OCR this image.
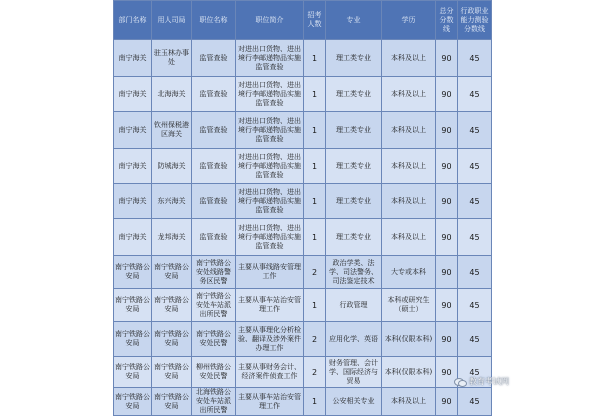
部门名称	用人司局	职位名称	职位简介	招考人数	专业	学历	总分分数线	行政职业能力测验分数线
南宁海关	驻玉林办事处	监管查验	对进出口货物、进出境行李邮递物品实施监管查验	1	理工类专业	本科及以上	90	45
南宁海关	北海海关	监管查验	对进出口货物、进出境行李邮递物品实施监管查验	1	理工类专业	本科及以上	90	45
南宁海关	钦州保税港区海关	监管查验	对进出口货物、进出境行李邮递物品实施监管查验	1	理工类专业	本科及以上	90	45
南宁海关	防城海关	监管查验	对进出口货物、进出境行李邮递物品实施监管查验	1	理工类专业	本科及以上	90	45
南宁海关	东兴海关	监管查验	对进出口货物、进出境行李邮递物品实施监管查验	1	理工类专业	本科及以上	90	45
南宁海关	龙邦海关	监管查验	对进出口货物、进出境行李邮递物品实施监管查验	1	理工类专业	本科及以上	90	45
南宁铁路公安局	南宁铁路公安局	南宁铁路公安处线路警务区民警	主要从事线路安管理工作	2	政治学类、法学、司法警务、司法鉴定技术	大专或本科	90	45
南宁铁路公安局	南宁铁路公安局	南宁铁路公安处车站派出所民警	主要从事车站治安管理工作	1	行政管理	本科或研究生（硕士）	90	45
南宁铁路公安局	南宁铁路公安局	南宁铁路公安处民警	主要从事理化分析检验、翻译及涉外案件办理工作	2	应用化学、英语	本科(仅限本科)	90	45
南宁铁路公安局	南宁铁路公安局	柳州铁路公安处民警	主要从事财务会计、经济案件侦查工作	2	财务管理、会计学、国际经济与贸易	本科(仅限本科)	90	45
南宁铁路公安局	南宁铁路公安局	北海铁路公安处车站派出所民警	主要从事车站治安管理工作	1	公安相关专业	本科及以上	90	45
教育考试网
